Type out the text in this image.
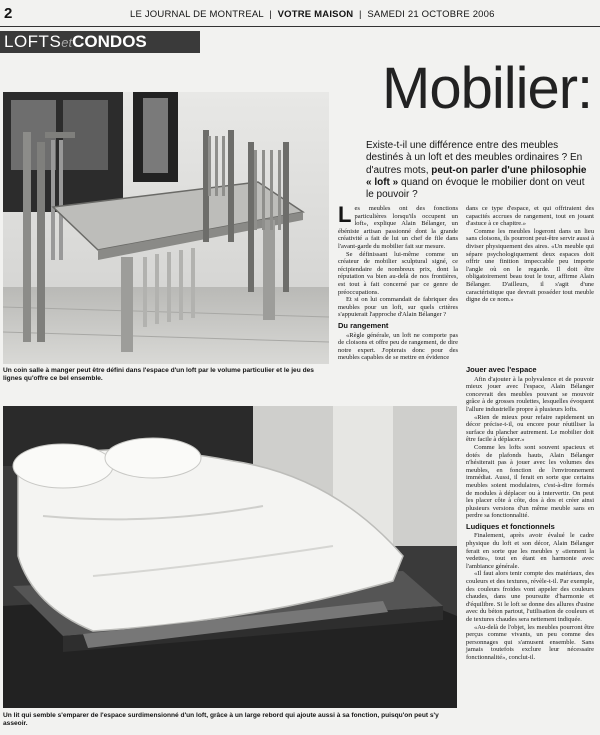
2	LE JOURNAL DE MONTREAL  |  VOTRE MAISON  |  SAMEDI 21 OCTOBRE 2006
LOFTSetCONDOS
Un coin salle à manger peut être défini dans l'espace d'un loft par le volume particulier et le jeu des lignes qu'offre ce bel ensemble.
Un lit qui semble s'emparer de l'espace surdimensionné d'un loft, grâce à un large rebord qui ajoute aussi à sa fonction, puisqu'on peut s'y asseoir.
Mobilier:
Existe-t-il une différence entre des meubles destinés à un loft et des meubles ordinaires ? En d'autres mots, peut-on parler d'une philosophie « loft » quand on évoque le mobilier dont on veut le pouvoir ?

Les meubles ont des fonctions particulières lorsqu'ils occupent un loft», explique Alain Bélanger, un ébéniste artisan passionné dont la grande créativité a fait de lui un chef de file dans l'avant-garde du mobilier fait sur mesure.

Se définissant lui-même comme un créateur de mobilier sculptural signé, ce récipiendaire de nombreux prix, dont la réputation va bien au-delà de nos frontières, est tout à fait concerné par ce genre de préoccupations.

Et si on lui commandait de fabriquer des meubles pour un loft, sur quels critères s'appuierait l'approche d'Alain Bélanger ?

Du rangement

«Règle générale, un loft ne comporte pas de cloisons et offre peu de rangement, de dire notre expert. J'opterais donc pour des meubles capables de se mettre en évidence

dans ce type d'espace, et qui offriraient des capacités accrues de rangement, tout en jouant d'astuce à ce chapitre.»

Comme les meubles logeront dans un lieu sans cloisons, ils pourront peut-être servir aussi à diviser physiquement des aires. «Un meuble qui sépare psychologiquement deux espaces doit offrir une finition impeccable peu importe l'angle où on le regarde. Il doit être obligatoirement beau tout le tour, affirme Alain Bélanger. D'ailleurs, il s'agit d'une caractéristique que devrait posséder tout meuble digne de ce nom.»

Jouer avec l'espace

Afin d'ajouter à la polyvalence et de pouvoir mieux jouer avec l'espace, Alain Bélanger concevrait des meubles pouvant se mouvoir grâce à de grosses roulettes, lesquelles évoquent l'allure industrielle propre à plusieurs lofts.

«Rien de mieux pour refaire rapidement un décor précise-t-il, ou encore pour réutiliser la surface du plancher autrement. Le mobilier doit être facile à déplacer.»

Comme les lofts sont souvent spacieux et dotés de plafonds hauts, Alain Bélanger n'hésiterait pas à jouer avec les volumes des meubles, en fonction de l'environnement immédiat. Aussi, il ferait en sorte que certains meubles soient modulaires, c'est-à-dire formés de modules à déplacer ou à intervertir. On peut les placer côte à côte, dos à dos et créer ainsi plusieurs versions d'un même meuble sans en perdre sa fonctionnalité.

Ludiques et fonctionnels

Finalement, après avoir évalué le cadre physique du loft et son décor, Alain Bélanger ferait en sorte que les meubles y «tiennent la vedette», tout en étant en harmonie avec l'ambiance générale.

«Il faut alors tenir compte des matériaux, des couleurs et des textures, révèle-t-il. Par exemple, des couleurs froides vont appeler des couleurs chaudes, dans une poursuite d'harmonie et d'équilibre. Si le loft se donne des allures d'usine avec du béton partout, l'utilisation de couleurs et de textures chaudes sera nettement indiquée.

«Au-delà de l'objet, les meubles pourront être perçus comme vivants, un peu comme des personnages qui s'amusent ensemble. Sans jamais toutefois exclure leur nécessaire fonctionnalité», conclut-il.
